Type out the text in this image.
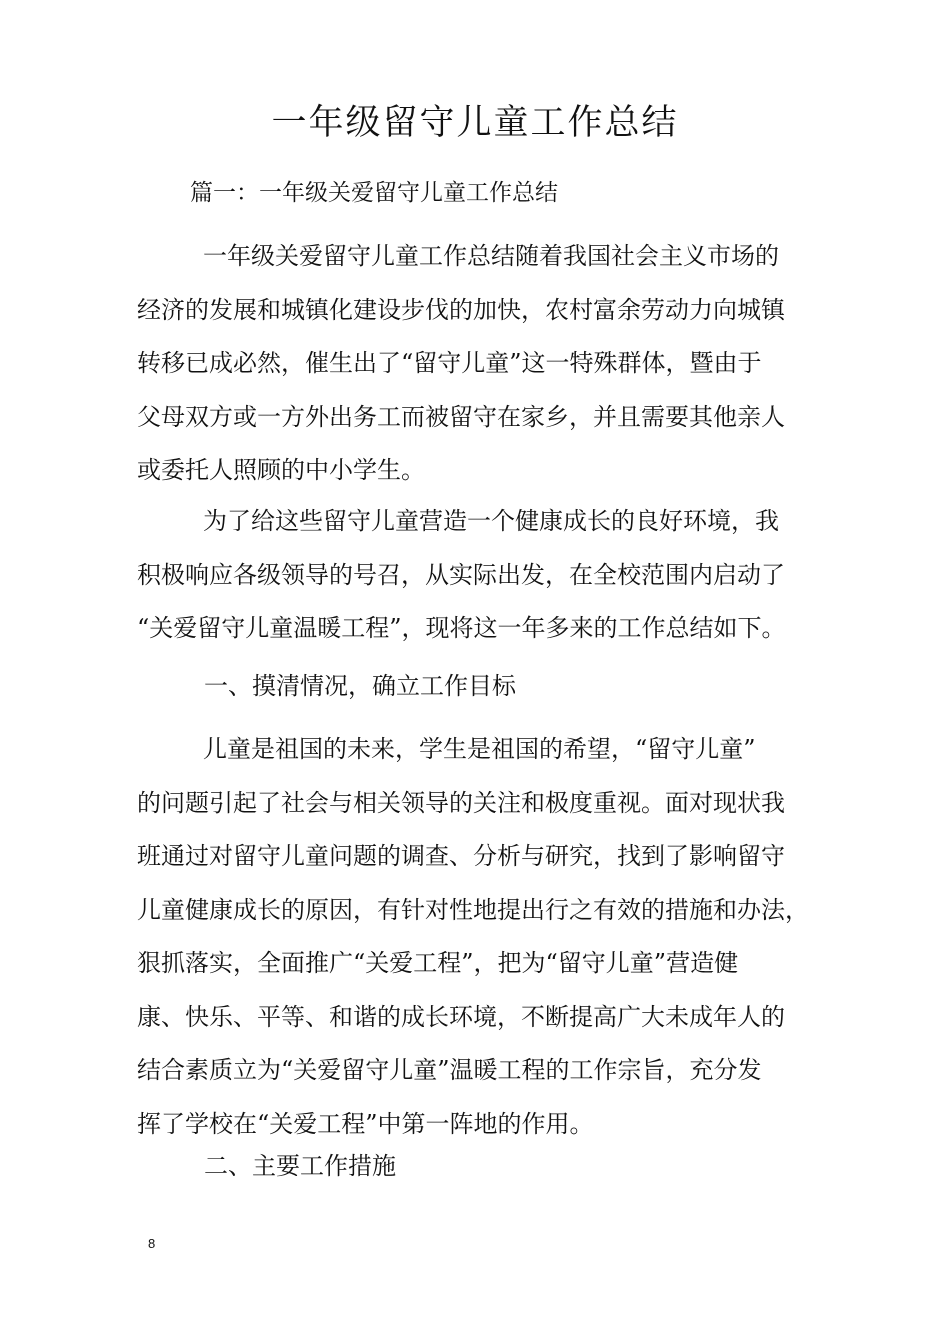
一年级留守儿童工作总结
篇一：一年级关爱留守儿童工作总结
一年级关爱留守儿童工作总结随着我国社会主义市场的
经济的发展和城镇化建设步伐的加快，农村富余劳动力向城镇
转移已成必然，催生出了“留守儿童”这一特殊群体，暨由于
父母双方或一方外出务工而被留守在家乡，并且需要其他亲人
或委托人照顾的中小学生。
为了给这些留守儿童营造一个健康成长的良好环境，我
积极响应各级领导的号召，从实际出发，在全校范围内启动了
“关爱留守儿童温暖工程”，现将这一年多来的工作总结如下。
一、摸清情况，确立工作目标
儿童是祖国的未来，学生是祖国的希望，“留守儿童”
的问题引起了社会与相关领导的关注和极度重视。面对现状我
班通过对留守儿童问题的调查、分析与研究，找到了影响留守
儿童健康成长的原因，有针对性地提出行之有效的措施和办法，
狠抓落实，全面推广“关爱工程”，把为“留守儿童”营造健
康、快乐、平等、和谐的成长环境，不断提高广大未成年人的
结合素质立为“关爱留守儿童”温暖工程的工作宗旨，充分发
挥了学校在“关爱工程”中第一阵地的作用。
二、主要工作措施
8
